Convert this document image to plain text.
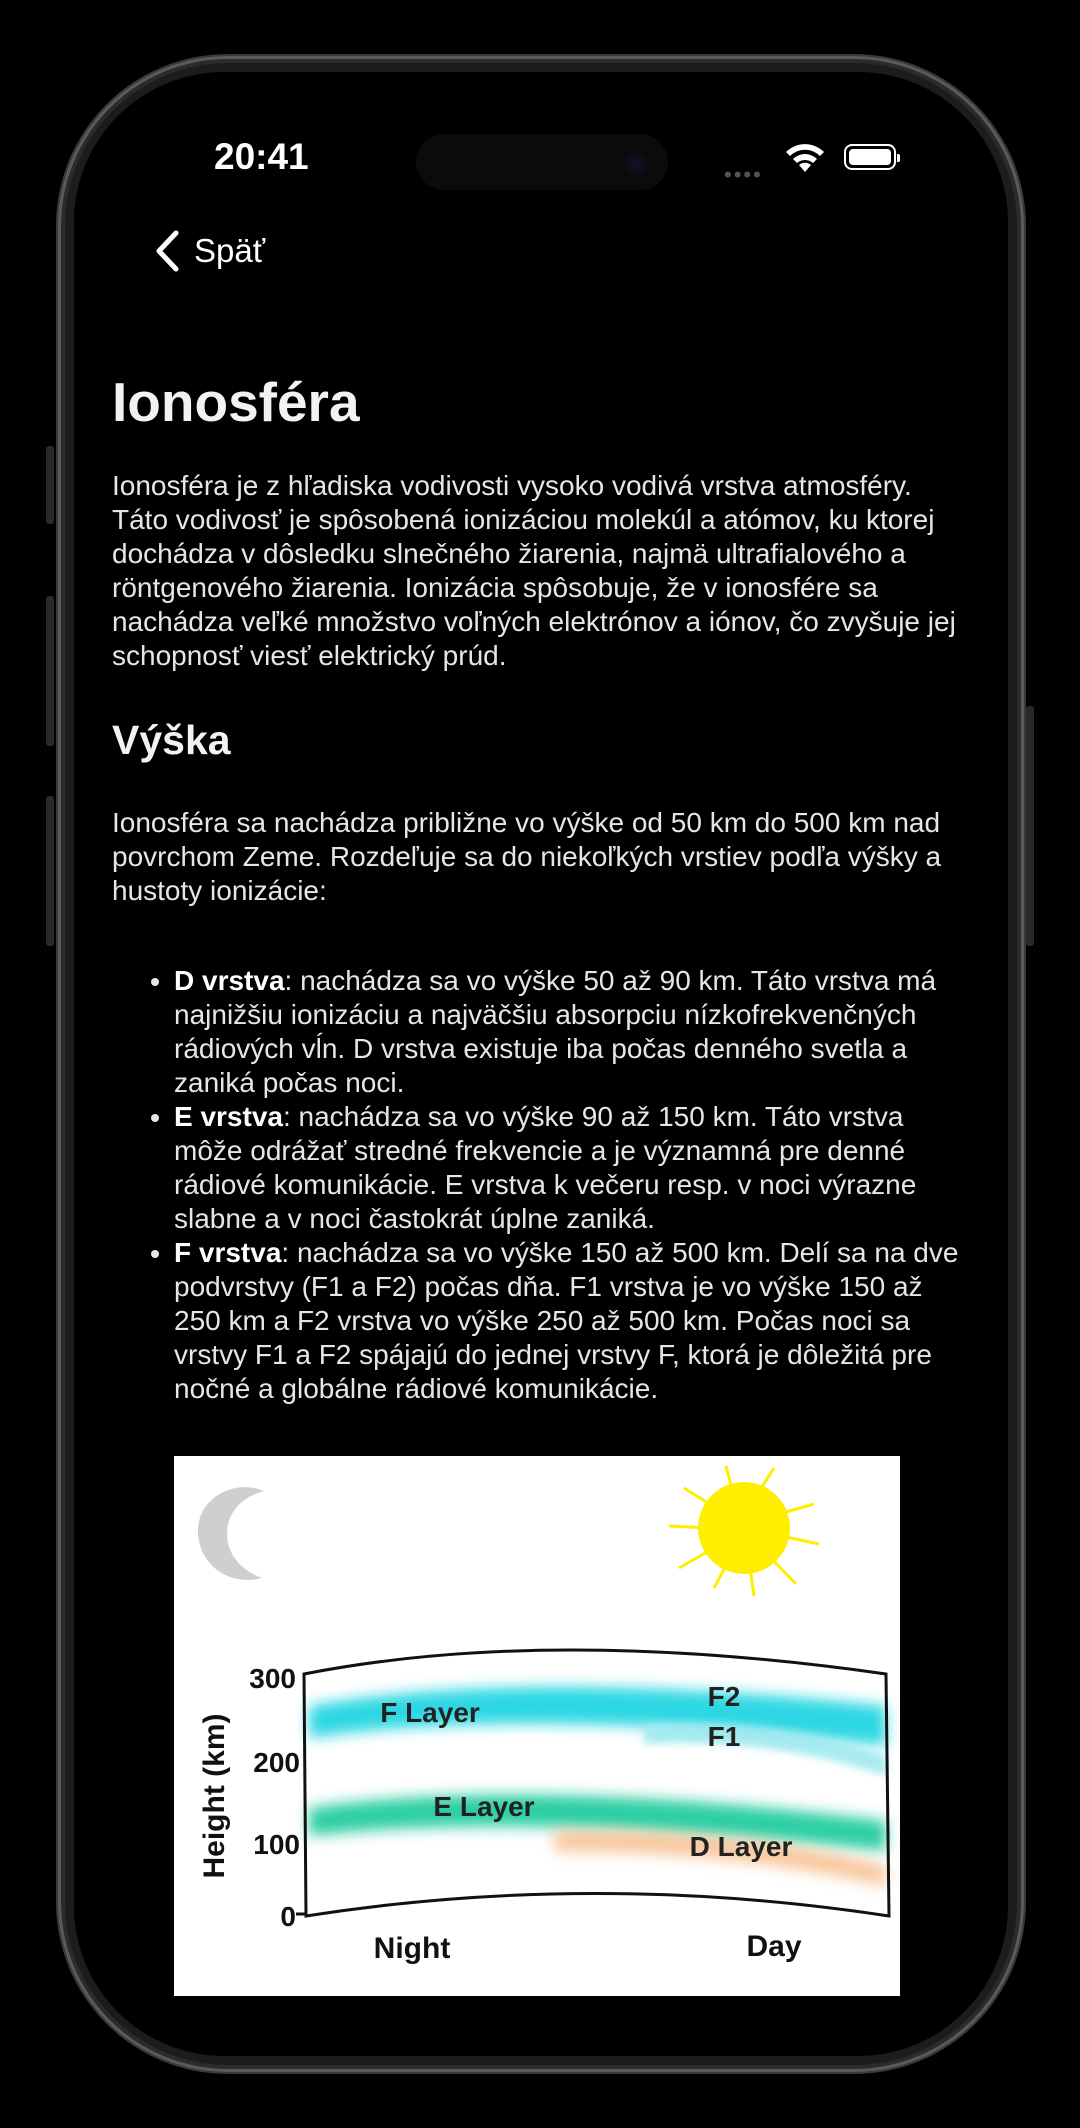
20:41	••••
Späť
Ionosféra

Ionosféra je z hľadiska vodivosti vysoko vodivá vrstva atmosféry. Táto vodivosť je spôsobená ionizáciou molekúl a atómov, ku ktorej dochádza v dôsledku slnečného žiarenia, najmä ultrafialového a röntgenového žiarenia. Ionizácia spôsobuje, že v ionosfére sa nachádza veľké množstvo voľných elektrónov a iónov, čo zvyšuje jej schopnosť viesť elektrický prúd.

Výška

Ionosféra sa nachádza približne vo výške od 50 km do 500 km nad povrchom Zeme. Rozdeľuje sa do niekoľkých vrstiev podľa výšky a hustoty ionizácie:

• D vrstva: nachádza sa vo výške 50 až 90 km. Táto vrstva má najnižšiu ionizáciu a najväčšiu absorpciu nízkofrekvenčných rádiových vĺn. D vrstva existuje iba počas denného svetla a zaniká počas noci.
• E vrstva: nachádza sa vo výške 90 až 150 km. Táto vrstva môže odrážať stredné frekvencie a je významná pre denné rádiové komunikácie. E vrstva k večeru resp. v noci výrazne slabne a v noci častokrát úplne zaniká.
• F vrstva: nachádza sa vo výške 150 až 500 km. Delí sa na dve podvrstvy (F1 a F2) počas dňa. F1 vrstva je vo výške 150 až 250 km a F2 vrstva vo výške 250 až 500 km. Počas noci sa vrstvy F1 a F2 spájajú do jednej vrstvy F, ktorá je dôležitá pre nočné a globálne rádiové komunikácie.
Height (km)
300
200
100
0
F Layer
F2
F1
E Layer
D Layer
Night	Day
